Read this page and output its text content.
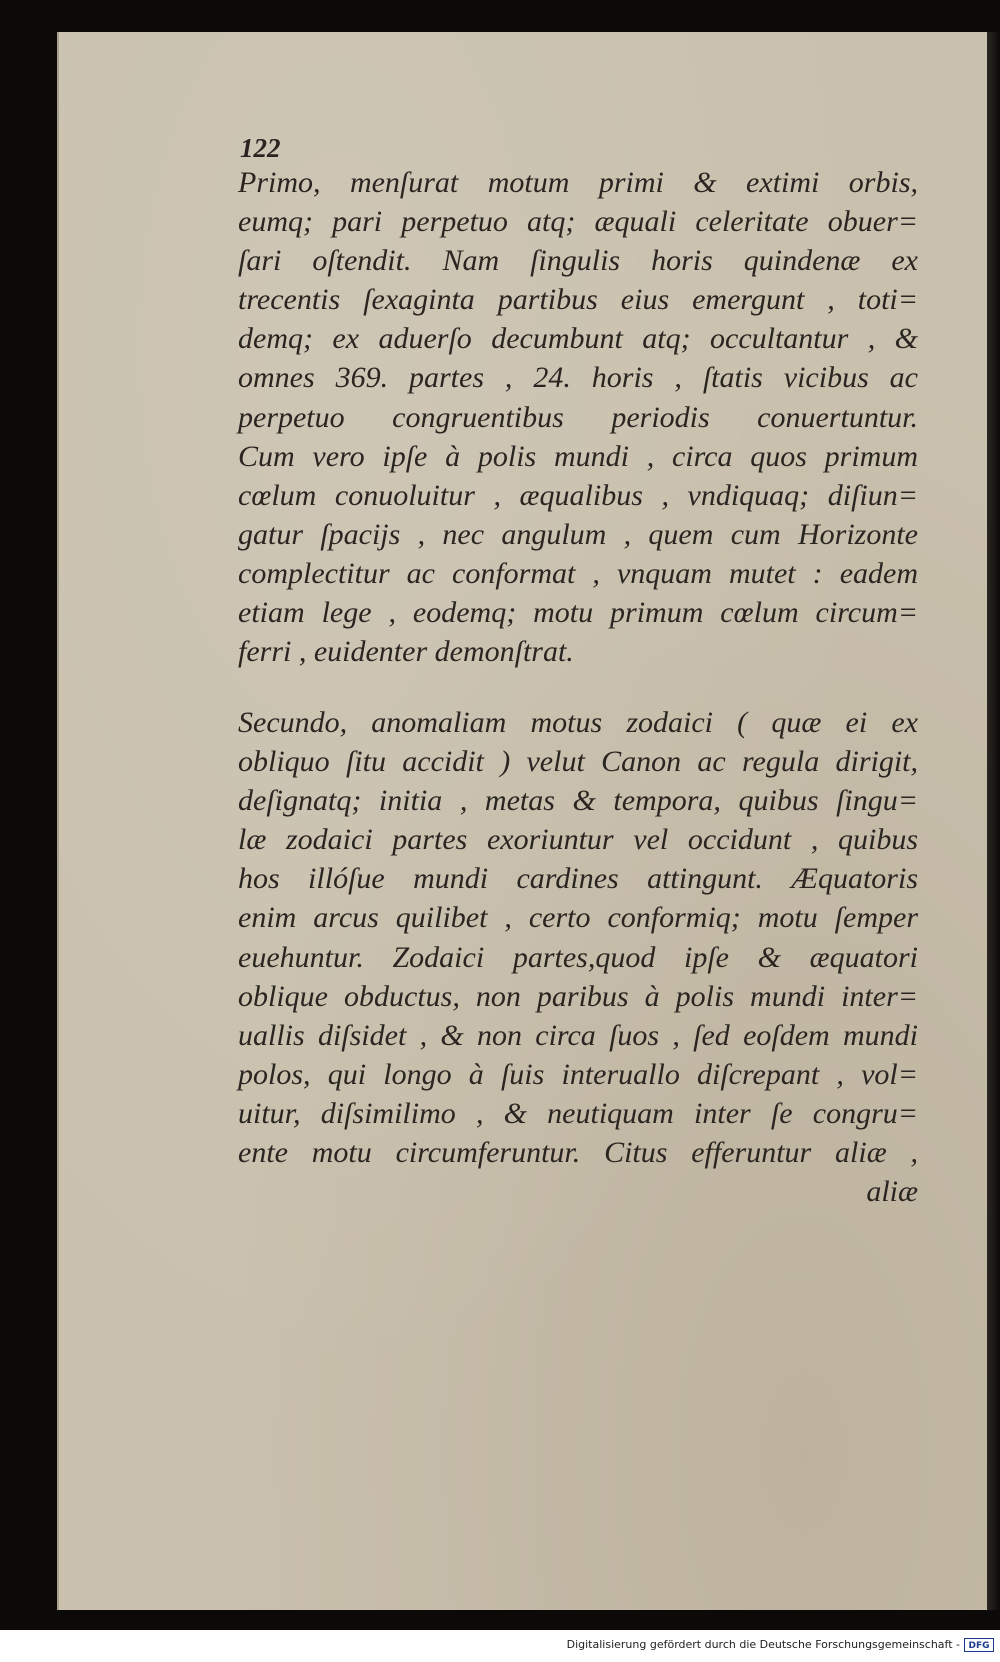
122

Primo, menſurat motum primi & extimi orbis,
eumq; pari perpetuo atq; æquali celeritate obuer=
ſari oſtendit. Nam ſingulis horis quindenæ ex
trecentis ſexaginta partibus eius emergunt , toti=
demq; ex aduerſo decumbunt atq; occultantur , &
omnes 369. partes , 24. horis , ſtatis vicibus ac
perpetuo congruentibus periodis conuertuntur.
Cum vero ipſe à polis mundi , circa quos primum
cœlum conuoluitur , æqualibus , vndiquaq; diſiun=
gatur ſpacijs , nec angulum , quem cum Horizonte
complectitur ac conformat , vnquam mutet : eadem
etiam lege , eodemq; motu primum cœlum circum=
ferri , euidenter demonſtrat.
Secundo, anomaliam motus zodaici ( quæ ei ex
obliquo ſitu accidit ) velut Canon ac regula dirigit,
deſignatq; initia , metas & tempora, quibus ſingu=
læ zodaici partes exoriuntur vel occidunt , quibus
hos illóſue mundi cardines attingunt. Æquatoris
enim arcus quilibet , certo conformiq; motu ſemper
euehuntur. Zodaici partes,quod ipſe & æquatori
oblique obductus, non paribus à polis mundi inter=
uallis diſsidet , & non circa ſuos , ſed eoſdem mundi
polos, qui longo à ſuis interuallo diſcrepant , vol=
uitur, diſsimilimo , & neutiquam inter ſe congru=
ente motu circumferuntur. Citus efferuntur aliæ ,
aliæ

Digitalisierung gefördert durch die Deutsche Forschungsgemeinschaft - DFG
